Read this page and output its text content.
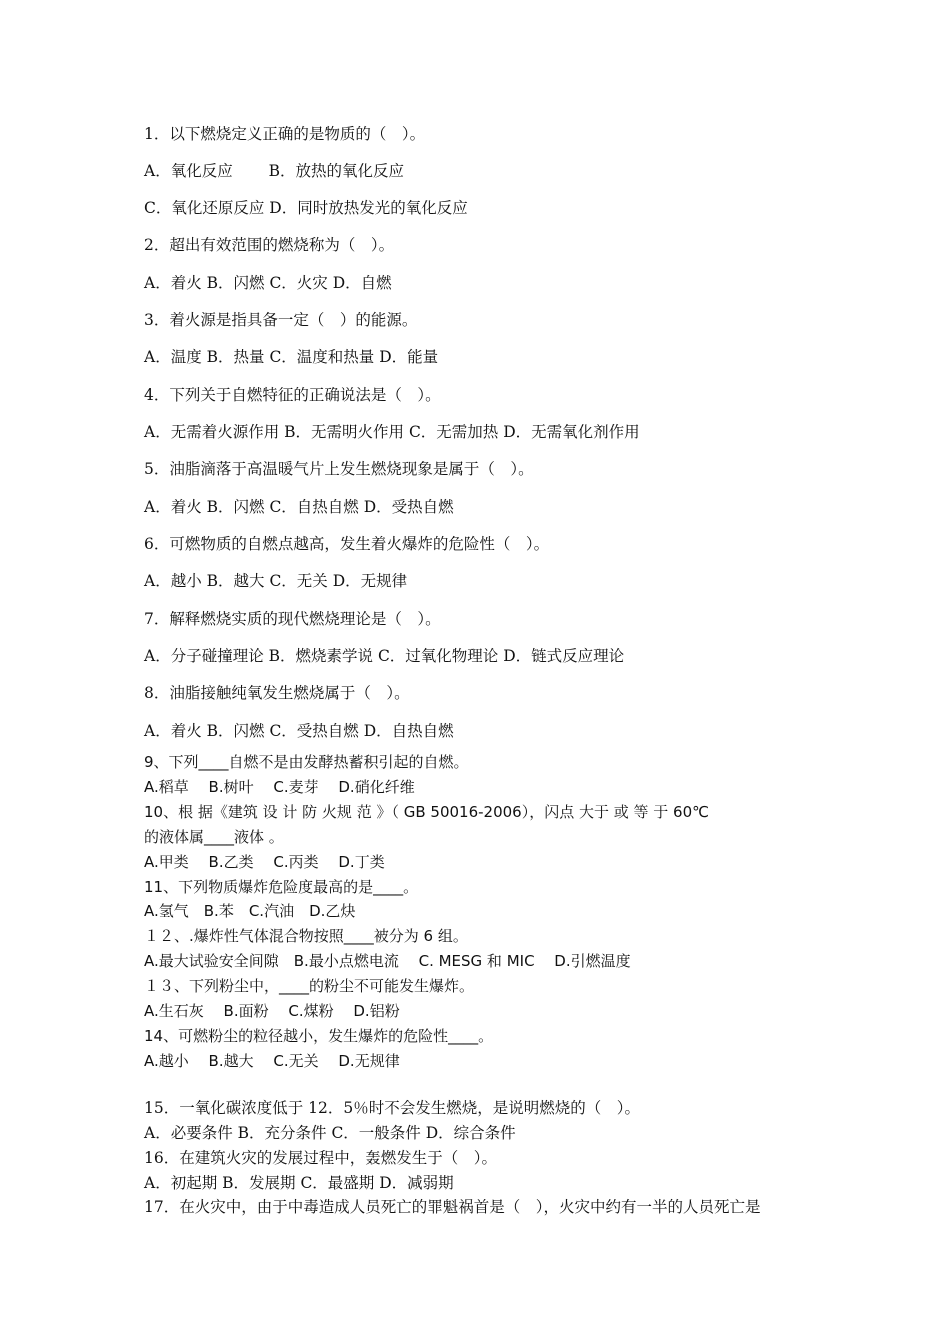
1．以下燃烧定义正确的是物质的（　）。
A．氧化反应　　 B．放热的氧化反应
C．氧化还原反应 D．同时放热发光的氧化反应
2．超出有效范围的燃烧称为（　）。
A．着火 B．闪燃 C．火灾 D．自燃
3．着火源是指具备一定（　）的能源。
A．温度 B．热量 C．温度和热量 D．能量
4．下列关于自燃特征的正确说法是（　）。
A．无需着火源作用 B．无需明火作用 C．无需加热 D．无需氧化剂作用
5．油脂滴落于高温暖气片上发生燃烧现象是属于（　）。
A．着火 B．闪燃 C．自热自燃 D．受热自燃
6．可燃物质的自燃点越高，发生着火爆炸的危险性（　）。
A．越小 B．越大 C．无关 D．无规律
7．解释燃烧实质的现代燃烧理论是（　）。
A．分子碰撞理论 B．燃烧素学说 C．过氧化物理论 D．链式反应理论
8．油脂接触纯氧发生燃烧属于（　）。
A．着火 B．闪燃 C．受热自燃 D．自热自燃
9、下列____自燃不是由发酵热蓄积引起的自燃。
A.稻草　 B.树叶　 C.麦芽　 D.硝化纤维
10、根 据《建筑 设 计 防 火规 范 》（ GB 50016-2006），闪点 大于 或 等 于 60℃
的液体属____液体 。
A.甲类　 B.乙类　 C.丙类　 D.丁类
11、下列物质爆炸危险度最高的是____。
A.氢气　B.苯　C.汽油　D.乙炔
１２、.爆炸性气体混合物按照____被分为 6 组。
A.最大试验安全间隙　B.最小点燃电流　 C. MESG 和 MIC　 D.引燃温度
１３、下列粉尘中，____的粉尘不可能发生爆炸。
A.生石灰　 B.面粉　 C.煤粉　 D.铝粉
14、可燃粉尘的粒径越小，发生爆炸的危险性____。
A.越小　 B.越大　 C.无关　 D.无规律
15．一氧化碳浓度低于 12．5％时不会发生燃烧，是说明燃烧的（　）。
A．必要条件 B．充分条件 C．一般条件 D．综合条件
16．在建筑火灾的发展过程中，轰燃发生于（　）。
A．初起期 B．发展期 C．最盛期 D．减弱期
17．在火灾中，由于中毒造成人员死亡的罪魁祸首是（　），火灾中约有一半的人员死亡是
